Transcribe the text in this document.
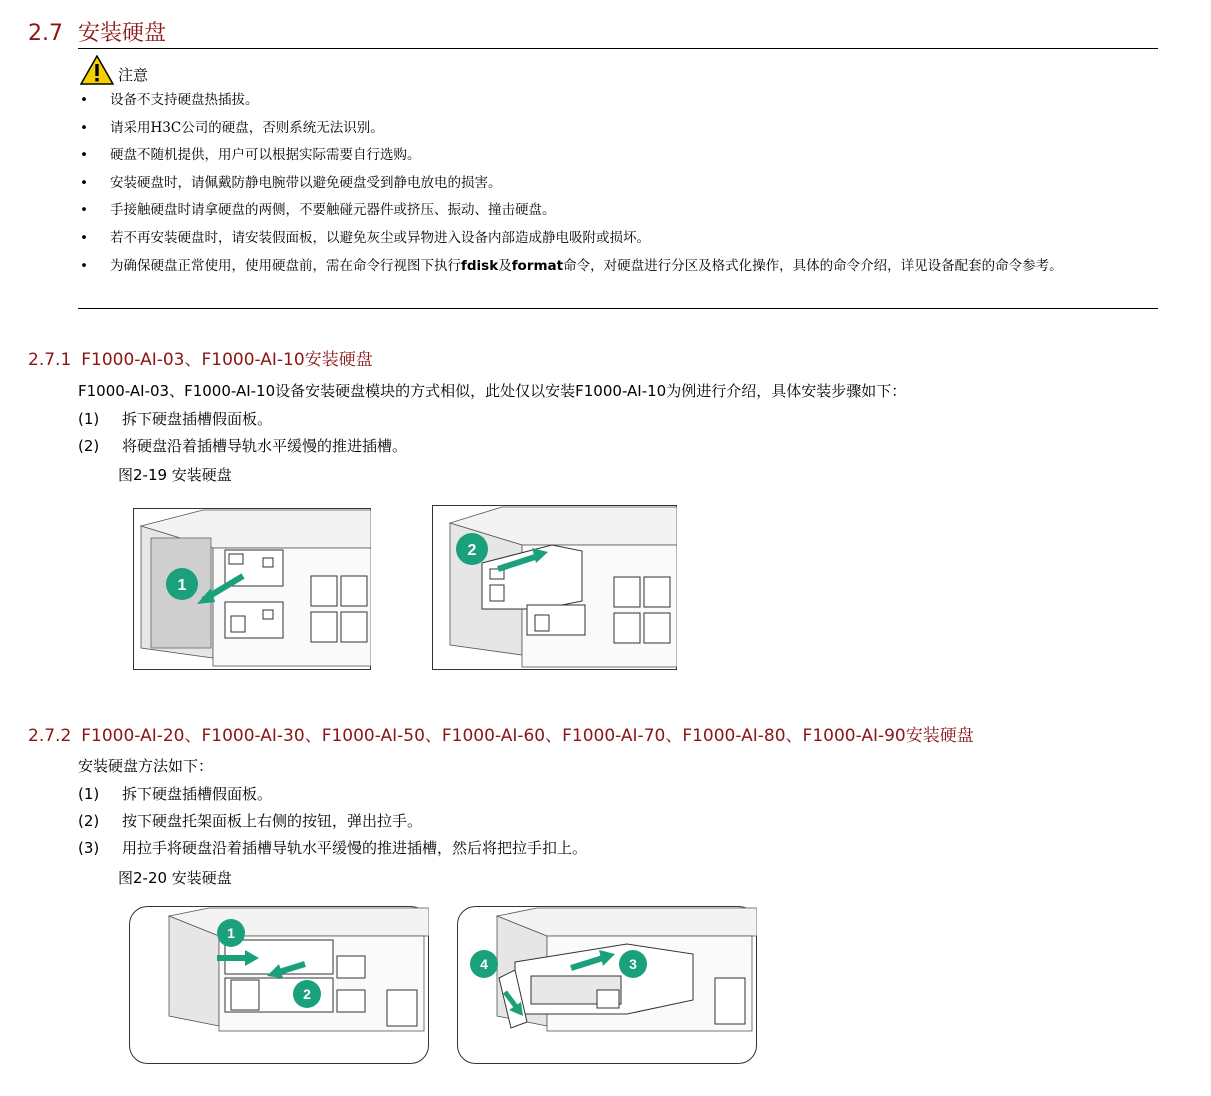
2.7 安装硬盘
注意
• 设备不支持硬盘热插拔。
• 请采用H3C公司的硬盘，否则系统无法识别。
• 硬盘不随机提供，用户可以根据实际需要自行选购。
• 安装硬盘时，请佩戴防静电腕带以避免硬盘受到静电放电的损害。
• 手接触硬盘时请拿硬盘的两侧，不要触碰元器件或挤压、振动、撞击硬盘。
• 若不再安装硬盘时，请安装假面板，以避免灰尘或异物进入设备内部造成静电吸附或损坏。
• 为确保硬盘正常使用，使用硬盘前，需在命令行视图下执行fdisk及format命令，对硬盘进行分区及格式化操作，具体的命令介绍，详见设备配套的命令参考。
2.7.1 F1000-AI-03、F1000-AI-10安装硬盘
F1000-AI-03、F1000-AI-10设备安装硬盘模块的方式相似，此处仅以安装F1000-AI-10为例进行介绍，具体安装步骤如下：
(1) 拆下硬盘插槽假面板。
(2) 将硬盘沿着插槽导轨水平缓慢的推进插槽。
图2-19 安装硬盘
1
2
2.7.2 F1000-AI-20、F1000-AI-30、F1000-AI-50、F1000-AI-60、F1000-AI-70、F1000-AI-80、F1000-AI-90安装硬盘
安装硬盘方法如下：
(1) 拆下硬盘插槽假面板。
(2) 按下硬盘托架面板上右侧的按钮，弹出拉手。
(3) 用拉手将硬盘沿着插槽导轨水平缓慢的推进插槽，然后将把拉手扣上。
图2-20 安装硬盘
1
2
3
4
